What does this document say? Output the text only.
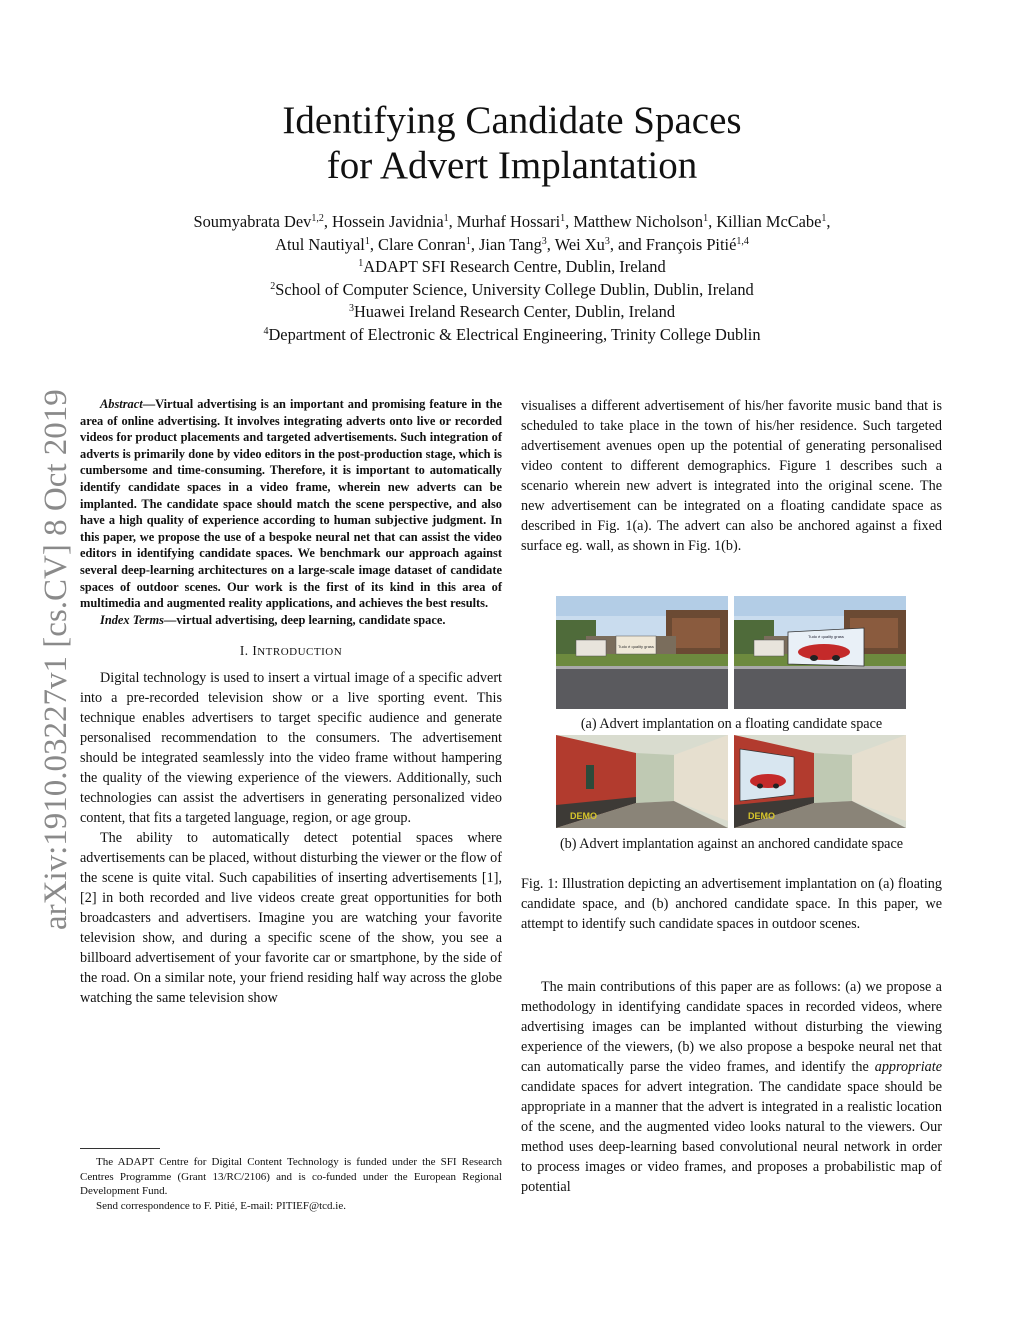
Identifying Candidate Spaces
for Advert Implantation
Soumyabrata Dev$^{1,2}$, Hossein Javidnia$^1$, Murhaf Hossari$^1$, Matthew Nicholson$^1$, Killian McCabe$^1$,
Atul Nautiyal$^1$, Clare Conran$^1$, Jian Tang$^3$, Wei Xu$^3$, and François Pitié$^{1,4}$
$^1$ADAPT SFI Research Centre, Dublin, Ireland
$^2$School of Computer Science, University College Dublin, Dublin, Ireland
$^3$Huawei Ireland Research Center, Dublin, Ireland
$^4$Department of Electronic & Electrical Engineering, Trinity College Dublin
arXiv:1910.03227v1 [cs.CV] 8 Oct 2019	Abstract—Virtual advertising is an important and promising feature in the area of online advertising. It involves integrating adverts onto live or recorded videos for product placements and targeted advertisements. Such integration of adverts is primarily done by video editors in the post-production stage, which is cumbersome and time-consuming. Therefore, it is important to automatically identify candidate spaces in a video frame, wherein new adverts can be implanted. The candidate space should match the scene perspective, and also have a high quality of experience according to human subjective judgment. In this paper, we propose the use of a bespoke neural net that can assist the video editors in identifying candidate spaces. We benchmark our approach against several deep-learning architectures on a large-scale image dataset of candidate spaces of outdoor scenes. Our work is the first of its kind in this area of multimedia and augmented reality applications, and achieves the best results.

Index Terms—virtual advertising, deep learning, candidate space.

I. INTRODUCTION

Digital technology is used to insert a virtual image of a specific advert into a pre-recorded television show or a live sporting event. This technique enables advertisers to target specific audience and generate personalised recommendation to the consumers. The advertisement should be integrated seamlessly into the video frame without hampering the quality of the viewing experience of the viewers. Additionally, such technologies can assist the advertisers in generating personalized video content, that fits a targeted language, region, or age group.

The ability to automatically detect potential spaces where advertisements can be placed, without disturbing the viewer or the flow of the scene is quite vital. Such capabilities of inserting advertisements [1], [2] in both recorded and live videos create great opportunities for both broadcasters and advertisers. Imagine you are watching your favorite television show, and during a specific scene of the show, you see a billboard advertisement of your favorite car or smartphone, by the side of the road. On a similar note, your friend residing half way across the globe watching the same television show

The ADAPT Centre for Digital Content Technology is funded under the SFI Research Centres Programme (Grant 13/RC/2106) and is co-funded under the European Regional Development Fund.

Send correspondence to F. Pitié, E-mail: PITIEF@tcd.ie.

visualises a different advertisement of his/her favorite music band that is scheduled to take place in the town of his/her residence. Such targeted advertisement avenues open up the potential of generating personalised video content to different demographics. Figure 1 describes such a scenario wherein new advert is integrated into the original scene. The new advertisement can be integrated on a floating candidate space as described in Fig. 1(a). The advert can also be anchored against a fixed surface eg. wall, as shown in Fig. 1(b).

Tudo é quality grass
Tudo é quality grass
(a) Advert implantation on a floating candidate space
DEMO	DEMO
(b) Advert implantation against an anchored candidate space
Fig. 1: Illustration depicting an advertisement implantation on (a) floating candidate space, and (b) anchored candidate space. In this paper, we attempt to identify such candidate spaces in outdoor scenes.

The main contributions of this paper are as follows: (a) we propose a methodology in identifying candidate spaces in recorded videos, where advertising images can be implanted without disturbing the viewing experience of the viewers, (b) we also propose a bespoke neural net that can automatically parse the video frames, and identify the appropriate candidate spaces for advert integration. The candidate space should be appropriate in a manner that the advert is integrated in a realistic location of the scene, and the augmented video looks natural to the viewers. Our method uses deep-learning based convolutional neural network in order to process images or video frames, and proposes a probabilistic map of potential
